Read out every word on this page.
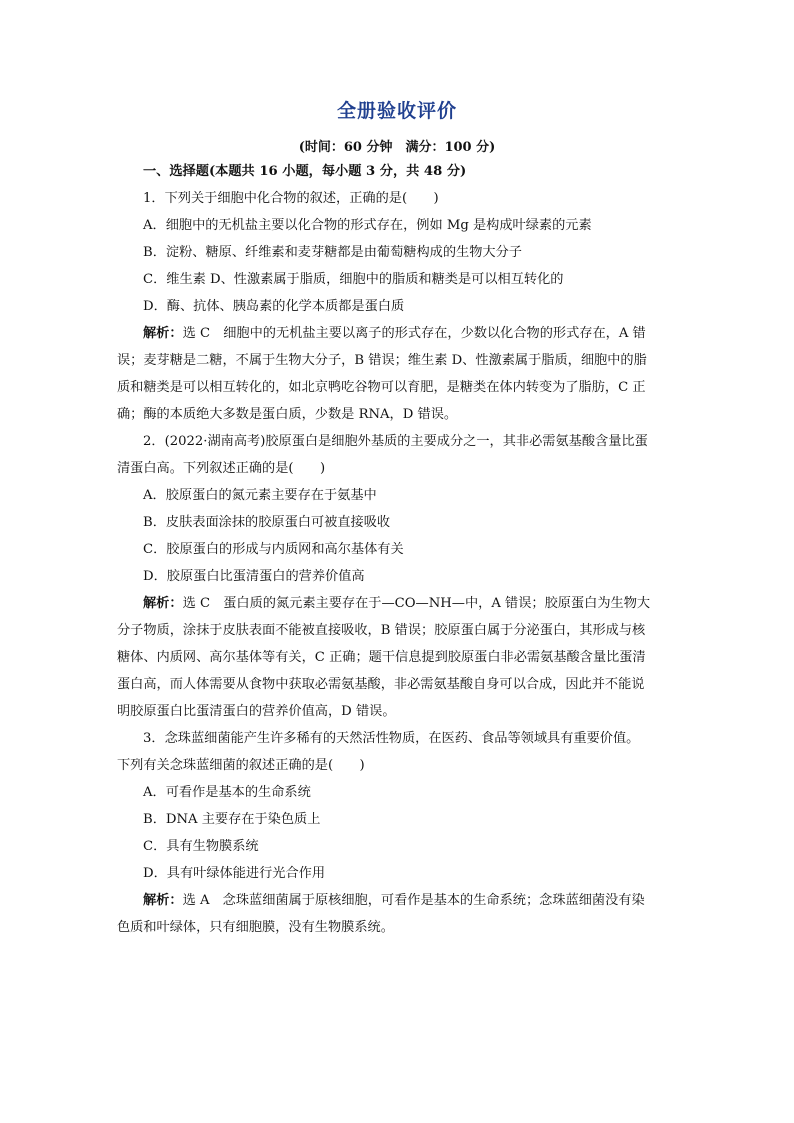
全册验收评价
(时间：60 分钟　满分：100 分)
一、选择题(本题共 16 小题，每小题 3 分，共 48 分)
1．下列关于细胞中化合物的叙述，正确的是(　　)
A．细胞中的无机盐主要以化合物的形式存在，例如 Mg 是构成叶绿素的元素
B．淀粉、糖原、纤维素和麦芽糖都是由葡萄糖构成的生物大分子
C．维生素 D、性激素属于脂质，细胞中的脂质和糖类是可以相互转化的
D．酶、抗体、胰岛素的化学本质都是蛋白质
解析：选 C　细胞中的无机盐主要以离子的形式存在，少数以化合物的形式存在，A 错
误；麦芽糖是二糖，不属于生物大分子，B 错误；维生素 D、性激素属于脂质，细胞中的脂
质和糖类是可以相互转化的，如北京鸭吃谷物可以育肥，是糖类在体内转变为了脂肪，C 正
确；酶的本质绝大多数是蛋白质，少数是 RNA，D 错误。
2．(2022·湖南高考)胶原蛋白是细胞外基质的主要成分之一，其非必需氨基酸含量比蛋
清蛋白高。下列叙述正确的是(　　)
A．胶原蛋白的氮元素主要存在于氨基中
B．皮肤表面涂抹的胶原蛋白可被直接吸收
C．胶原蛋白的形成与内质网和高尔基体有关
D．胶原蛋白比蛋清蛋白的营养价值高
解析：选 C　蛋白质的氮元素主要存在于—CO—NH—中，A 错误；胶原蛋白为生物大
分子物质，涂抹于皮肤表面不能被直接吸收，B 错误；胶原蛋白属于分泌蛋白，其形成与核
糖体、内质网、高尔基体等有关，C 正确；题干信息提到胶原蛋白非必需氨基酸含量比蛋清
蛋白高，而人体需要从食物中获取必需氨基酸，非必需氨基酸自身可以合成，因此并不能说
明胶原蛋白比蛋清蛋白的营养价值高，D 错误。
3．念珠蓝细菌能产生许多稀有的天然活性物质，在医药、食品等领域具有重要价值。
下列有关念珠蓝细菌的叙述正确的是(　　)
A．可看作是基本的生命系统
B．DNA 主要存在于染色质上
C．具有生物膜系统
D．具有叶绿体能进行光合作用
解析：选 A　念珠蓝细菌属于原核细胞，可看作是基本的生命系统；念珠蓝细菌没有染
色质和叶绿体，只有细胞膜，没有生物膜系统。
